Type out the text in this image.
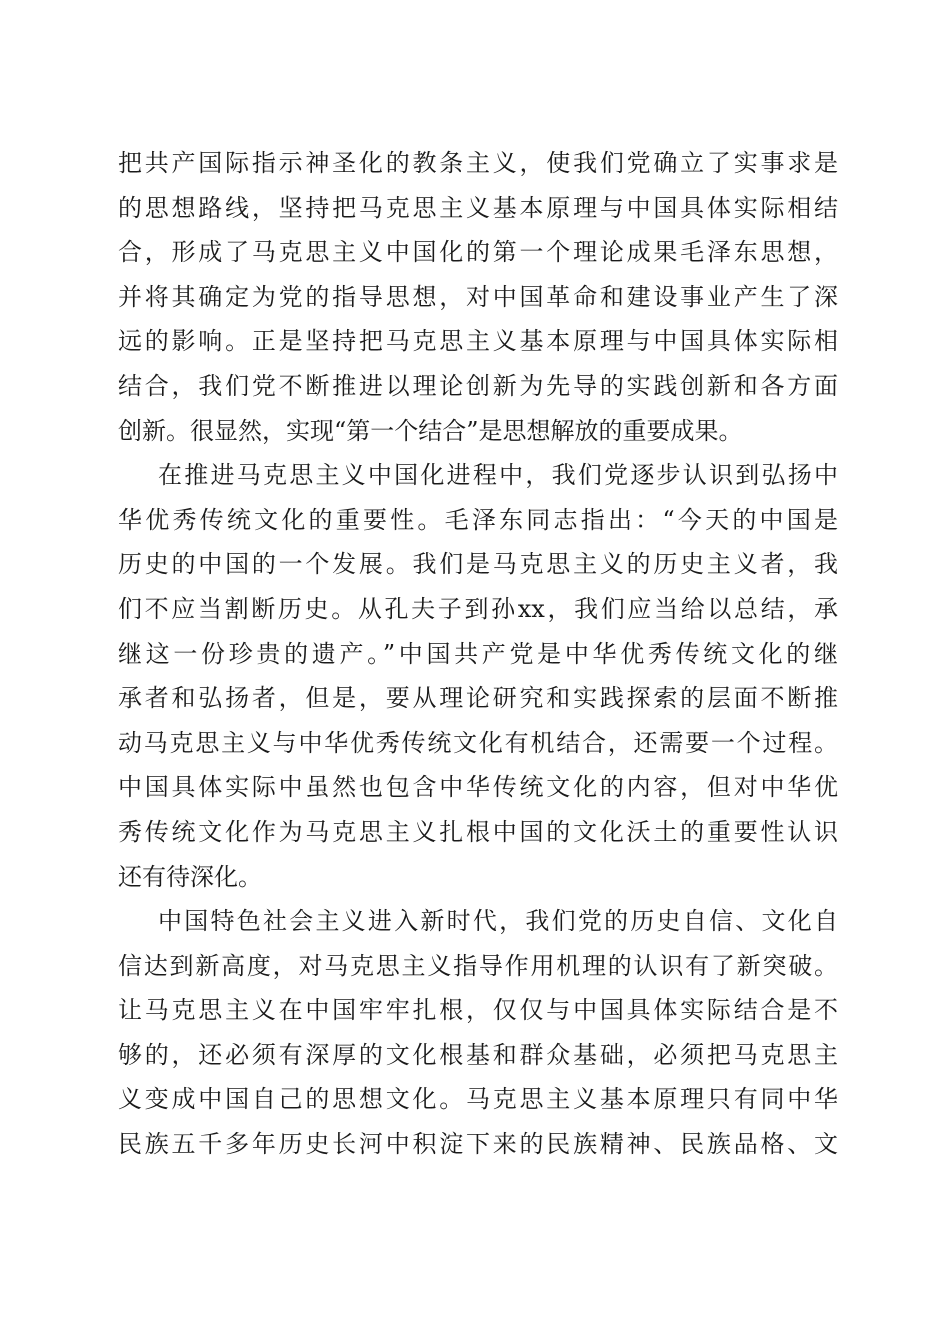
把共产国际指示神圣化的教条主义，使我们党确立了实事求是
的思想路线，坚持把马克思主义基本原理与中国具体实际相结
合，形成了马克思主义中国化的第一个理论成果毛泽东思想，
并将其确定为党的指导思想，对中国革命和建设事业产生了深
远的影响。正是坚持把马克思主义基本原理与中国具体实际相
结合，我们党不断推进以理论创新为先导的实践创新和各方面
创新。很显然，实现“第一个结合”是思想解放的重要成果。
在推进马克思主义中国化进程中，我们党逐步认识到弘扬中
华优秀传统文化的重要性。毛泽东同志指出：“今天的中国是
历史的中国的一个发展。我们是马克思主义的历史主义者，我
们不应当割断历史。从孔夫子到孙xx，我们应当给以总结，承
继这一份珍贵的遗产。”中国共产党是中华优秀传统文化的继
承者和弘扬者，但是，要从理论研究和实践探索的层面不断推
动马克思主义与中华优秀传统文化有机结合，还需要一个过程。
中国具体实际中虽然也包含中华传统文化的内容，但对中华优
秀传统文化作为马克思主义扎根中国的文化沃土的重要性认识
还有待深化。
中国特色社会主义进入新时代，我们党的历史自信、文化自
信达到新高度，对马克思主义指导作用机理的认识有了新突破。
让马克思主义在中国牢牢扎根，仅仅与中国具体实际结合是不
够的，还必须有深厚的文化根基和群众基础，必须把马克思主
义变成中国自己的思想文化。马克思主义基本原理只有同中华
民族五千多年历史长河中积淀下来的民族精神、民族品格、文
